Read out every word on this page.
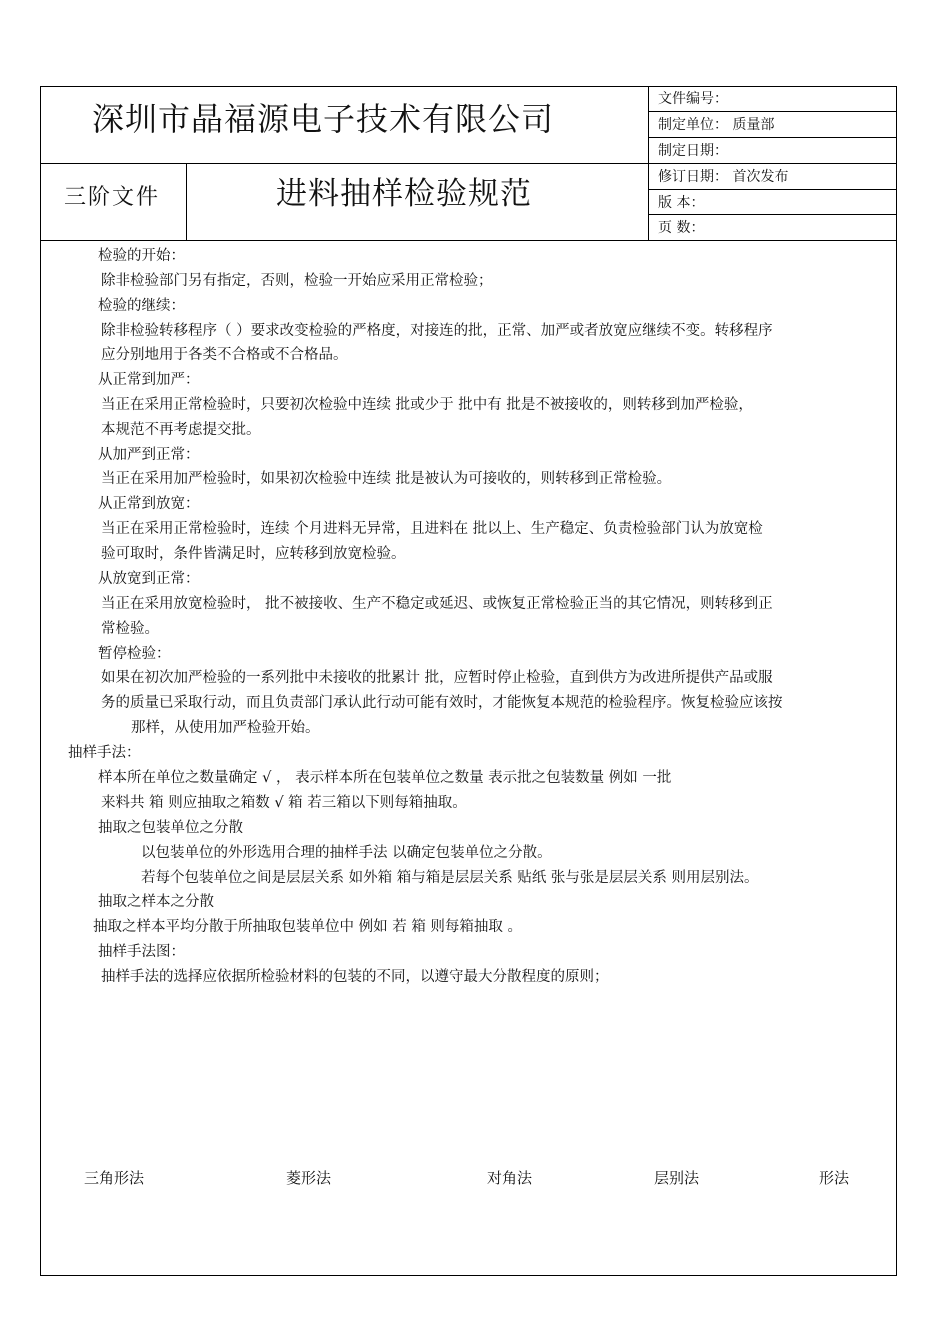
深圳市晶福源电子技术有限公司
三阶文件	进料抽样检验规范
文件编号：
制定单位： 质量部
制定日期：
修订日期： 首次发布
版 本：
页 数：
检验的开始：
除非检验部门另有指定，否则，检验一开始应采用正常检验；
检验的继续：
除非检验转移程序（ ）要求改变检验的严格度，对接连的批，正常、加严或者放宽应继续不变。转移程序
应分别地用于各类不合格或不合格品。
从正常到加严：
当正在采用正常检验时，只要初次检验中连续 批或少于 批中有 批是不被接收的，则转移到加严检验，
本规范不再考虑提交批。
从加严到正常：
当正在采用加严检验时，如果初次检验中连续 批是被认为可接收的，则转移到正常检验。
从正常到放宽：
当正在采用正常检验时，连续 个月进料无异常，且进料在 批以上、生产稳定、负责检验部门认为放宽检
验可取时，条件皆满足时，应转移到放宽检验。
从放宽到正常：
当正在采用放宽检验时， 批不被接收、生产不稳定或延迟、或恢复正常检验正当的其它情况，则转移到正
常检验。
暂停检验：
如果在初次加严检验的一系列批中未接收的批累计 批，应暂时停止检验，直到供方为改进所提供产品或服
务的质量已采取行动，而且负责部门承认此行动可能有效时，才能恢复本规范的检验程序。恢复检验应该按
那样，从使用加严检验开始。
抽样手法：
样本所在单位之数量确定 √ ， 表示样本所在包装单位之数量 表示批之包装数量 例如 一批
来料共 箱 则应抽取之箱数 √ 箱 若三箱以下则每箱抽取。
抽取之包装单位之分散
以包装单位的外形选用合理的抽样手法 以确定包装单位之分散。
若每个包装单位之间是层层关系 如外箱 箱与箱是层层关系 贴纸 张与张是层层关系 则用层别法。
抽取之样本之分散
抽取之样本平均分散于所抽取包装单位中 例如 若 箱 则每箱抽取 。
抽样手法图：
抽样手法的选择应依据所检验材料的包装的不同，以遵守最大分散程度的原则；
三角形法	菱形法	对角法	层别法	形法
